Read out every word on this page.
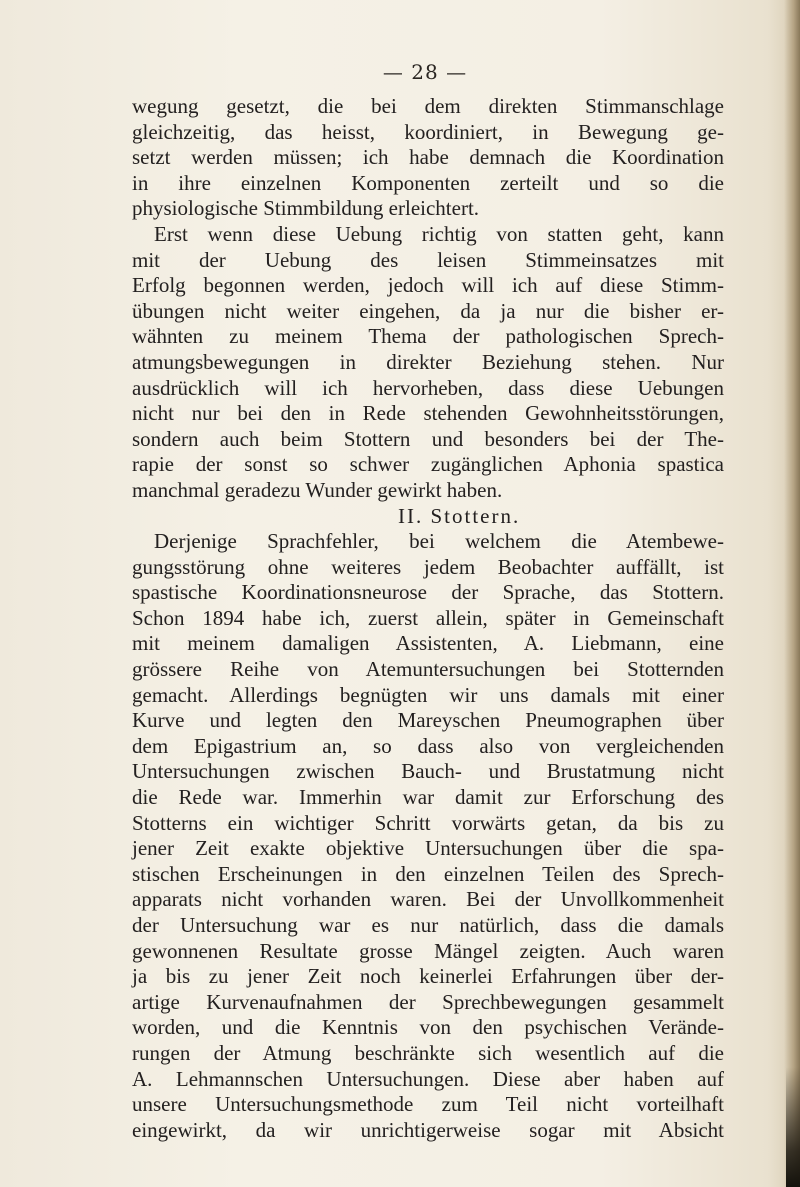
— 28 —
wegung gesetzt, die bei dem direkten Stimmanschlage
gleichzeitig, das heisst, koordiniert, in Bewegung ge-
setzt werden müssen; ich habe demnach die Koordination
in ihre einzelnen Komponenten zerteilt und so die
physiologische Stimmbildung erleichtert.
Erst wenn diese Uebung richtig von statten geht, kann
mit der Uebung des leisen Stimmeinsatzes mit
Erfolg begonnen werden, jedoch will ich auf diese Stimm-
übungen nicht weiter eingehen, da ja nur die bisher er-
wähnten zu meinem Thema der pathologischen Sprech-
atmungsbewegungen in direkter Beziehung stehen. Nur
ausdrücklich will ich hervorheben, dass diese Uebungen
nicht nur bei den in Rede stehenden Gewohnheitsstörungen,
sondern auch beim Stottern und besonders bei der The-
rapie der sonst so schwer zugänglichen Aphonia spastica
manchmal geradezu Wunder gewirkt haben.
II. Stottern.
Derjenige Sprachfehler, bei welchem die Atembewe-
gungsstörung ohne weiteres jedem Beobachter auffällt, ist
spastische Koordinationsneurose der Sprache, das Stottern.
Schon 1894 habe ich, zuerst allein, später in Gemeinschaft
mit meinem damaligen Assistenten, A. Liebmann, eine
grössere Reihe von Atemuntersuchungen bei Stotternden
gemacht. Allerdings begnügten wir uns damals mit einer
Kurve und legten den Mareyschen Pneumographen über
dem Epigastrium an, so dass also von vergleichenden
Untersuchungen zwischen Bauch- und Brustatmung nicht
die Rede war. Immerhin war damit zur Erforschung des
Stotterns ein wichtiger Schritt vorwärts getan, da bis zu
jener Zeit exakte objektive Untersuchungen über die spa-
stischen Erscheinungen in den einzelnen Teilen des Sprech-
apparats nicht vorhanden waren. Bei der Unvollkommenheit
der Untersuchung war es nur natürlich, dass die damals
gewonnenen Resultate grosse Mängel zeigten. Auch waren
ja bis zu jener Zeit noch keinerlei Erfahrungen über der-
artige Kurvenaufnahmen der Sprechbewegungen gesammelt
worden, und die Kenntnis von den psychischen Verände-
rungen der Atmung beschränkte sich wesentlich auf die
A. Lehmannschen Untersuchungen. Diese aber haben auf
unsere Untersuchungsmethode zum Teil nicht vorteilhaft
eingewirkt, da wir unrichtigerweise sogar mit Absicht
